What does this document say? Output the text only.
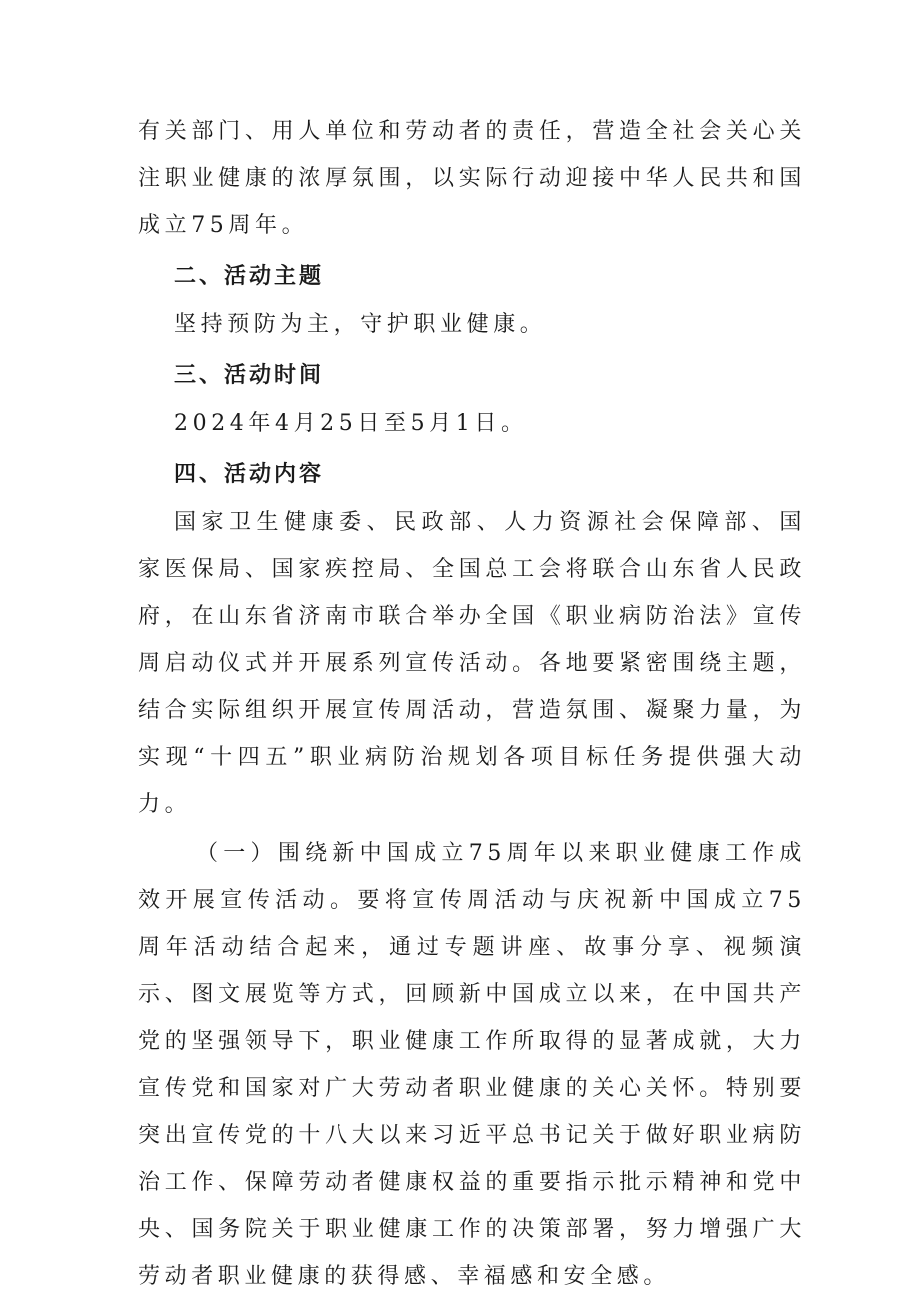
有关部门、用人单位和劳动者的责任，营造全社会关心关注职业健康的浓厚氛围，以实际行动迎接中华人民共和国成立75周年。

二、活动主题

坚持预防为主，守护职业健康。

三、活动时间

2024年4月25日至5月1日。

四、活动内容

国家卫生健康委、民政部、人力资源社会保障部、国家医保局、国家疾控局、全国总工会将联合山东省人民政府，在山东省济南市联合举办全国《职业病防治法》宣传周启动仪式并开展系列宣传活动。各地要紧密围绕主题，结合实际组织开展宣传周活动，营造氛围、凝聚力量，为实现“十四五”职业病防治规划各项目标任务提供强大动力。

（一）围绕新中国成立75周年以来职业健康工作成效开展宣传活动。要将宣传周活动与庆祝新中国成立75周年活动结合起来，通过专题讲座、故事分享、视频演示、图文展览等方式，回顾新中国成立以来，在中国共产党的坚强领导下，职业健康工作所取得的显著成就，大力宣传党和国家对广大劳动者职业健康的关心关怀。特别要突出宣传党的十八大以来习近平总书记关于做好职业病防治工作、保障劳动者健康权益的重要指示批示精神和党中央、国务院关于职业健康工作的决策部署，努力增强广大劳动者职业健康的获得感、幸福感和安全感。
